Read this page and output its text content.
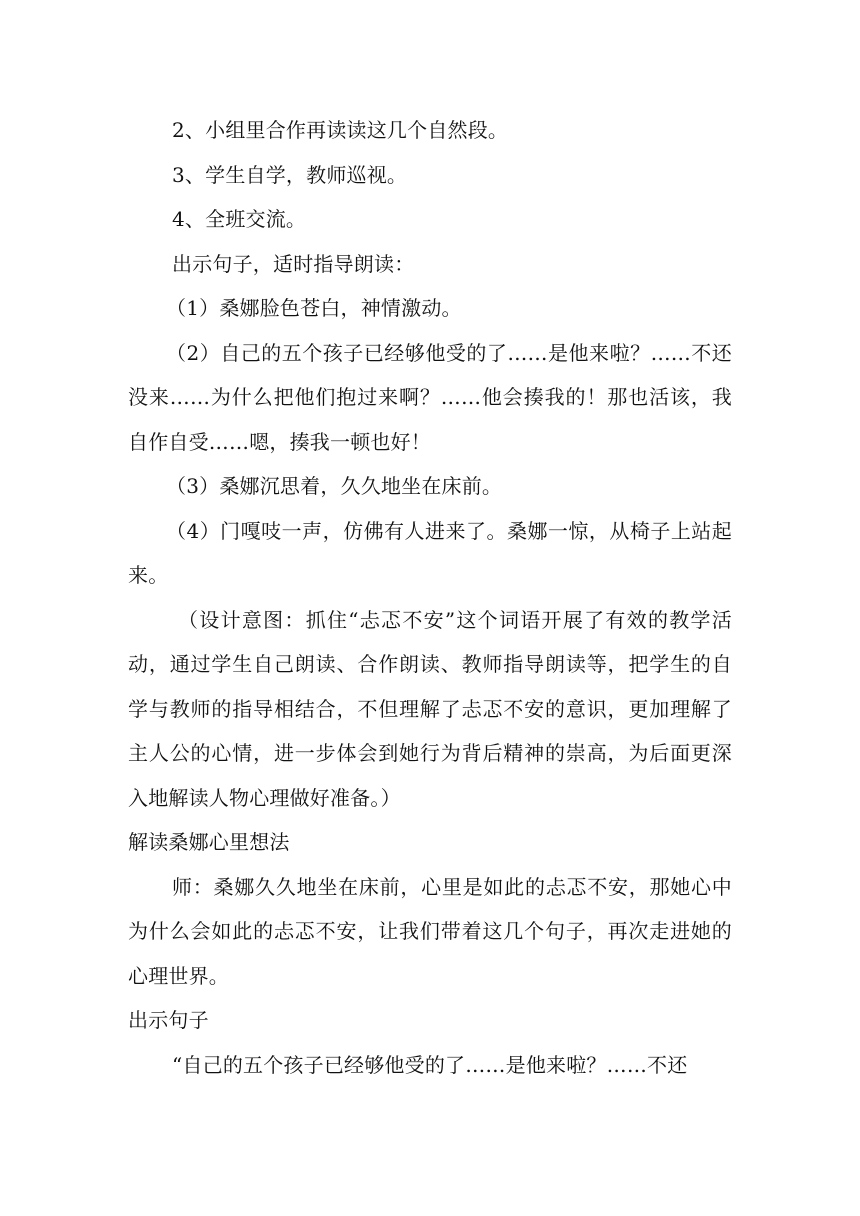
2、小组里合作再读读这几个自然段。

3、学生自学，教师巡视。

4、全班交流。

出示句子，适时指导朗读：

（1）桑娜脸色苍白，神情激动。

（2）自己的五个孩子已经够他受的了……是他来啦？……不还没来……为什么把他们抱过来啊？……他会揍我的！那也活该，我自作自受……嗯，揍我一顿也好！

（3）桑娜沉思着，久久地坐在床前。

（4）门嘎吱一声，仿佛有人进来了。桑娜一惊，从椅子上站起来。

（设计意图：抓住“忐忑不安”这个词语开展了有效的教学活动，通过学生自己朗读、合作朗读、教师指导朗读等，把学生的自学与教师的指导相结合，不但理解了忐忑不安的意识，更加理解了主人公的心情，进一步体会到她行为背后精神的崇高，为后面更深入地解读人物心理做好准备。）

解读桑娜心里想法

师：桑娜久久地坐在床前，心里是如此的忐忑不安，那她心中为什么会如此的忐忑不安，让我们带着这几个句子，再次走进她的心理世界。

出示句子

“自己的五个孩子已经够他受的了……是他来啦？……不还
